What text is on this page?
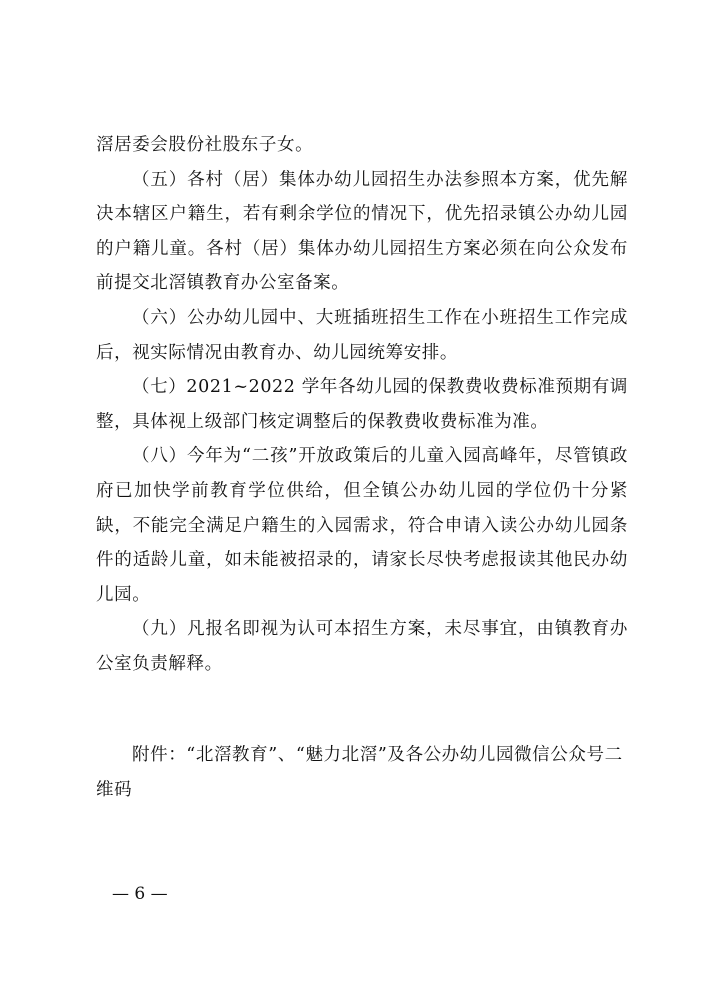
滘居委会股份社股东子女。

（五）各村（居）集体办幼儿园招生办法参照本方案，优先解决本辖区户籍生，若有剩余学位的情况下，优先招录镇公办幼儿园的户籍儿童。各村（居）集体办幼儿园招生方案必须在向公众发布前提交北滘镇教育办公室备案。

（六）公办幼儿园中、大班插班招生工作在小班招生工作完成后，视实际情况由教育办、幼儿园统筹安排。

（七）2021~2022 学年各幼儿园的保教费收费标准预期有调整，具体视上级部门核定调整后的保教费收费标准为准。

（八）今年为“二孩”开放政策后的儿童入园高峰年，尽管镇政府已加快学前教育学位供给，但全镇公办幼儿园的学位仍十分紧缺，不能完全满足户籍生的入园需求，符合申请入读公办幼儿园条件的适龄儿童，如未能被招录的，请家长尽快考虑报读其他民办幼儿园。

（九）凡报名即视为认可本招生方案，未尽事宜，由镇教育办公室负责解释。

附件：“北滘教育”、“魅力北滘”及各公办幼儿园微信公众号二维码

— 6 —
